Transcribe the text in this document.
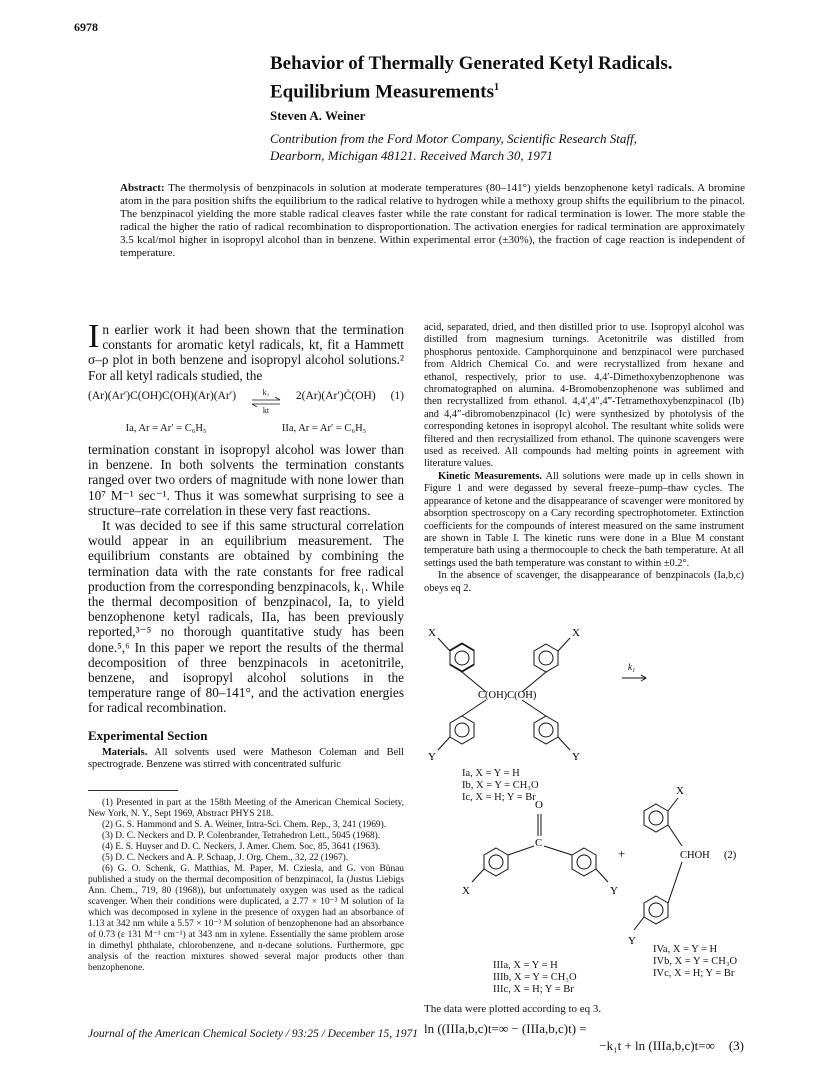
6978
Behavior of Thermally Generated Ketyl Radicals.
Equilibrium Measurements$^1$
Steven A. Weiner
Contribution from the Ford Motor Company, Scientific Research Staff,
Dearborn, Michigan 48121. Received March 30, 1971
Abstract: The thermolysis of benzpinacols in solution at moderate temperatures (80–141°) yields benzophenone ketyl radicals. A bromine atom in the para position shifts the equilibrium to the radical relative to hydrogen while a methoxy group shifts the equilibrium to the pinacol. The benzpinacol yielding the more stable radical cleaves faster while the rate constant for radical termination is lower. The more stable the radical the higher the ratio of radical recombination to disproportionation. The activation energies for radical termination are approximately 3.5 kcal/mol higher in isopropyl alcohol than in benzene. Within experimental error (±30%), the fraction of cage reaction is independent of temperature.

In earlier work it had been shown that the termination constants for aromatic ketyl radicals, kt, fit a Hammett σ–ρ plot in both benzene and isopropyl alcohol solutions.² For all ketyl radicals studied, the

(Ar)(Ar′)C(OH)C(OH)(Ar)(Ar′)	k₁
kt
2(Ar)(Ar′)Ċ(OH) (1)
Ia, Ar = Ar′ = C₆H₅	IIa, Ar = Ar′ = C₆H₅

termination constant in isopropyl alcohol was lower than in benzene. In both solvents the termination constants ranged over two orders of magnitude with none lower than 10⁷ M⁻¹ sec⁻¹. Thus it was somewhat surprising to see a structure–rate correlation in these very fast reactions.

It was decided to see if this same structural correlation would appear in an equilibrium measurement. The equilibrium constants are obtained by combining the termination data with the rate constants for free radical production from the corresponding benzpinacols, k₁. While the thermal decomposition of benzpinacol, Ia, to yield benzophenone ketyl radicals, IIa, has been previously reported,³⁻⁵ no thorough quantitative study has been done.⁵,⁶ In this paper we report the results of the thermal decomposition of three benzpinacols in acetonitrile, benzene, and isopropyl alcohol solutions in the temperature range of 80–141°, and the activation energies for radical recombination.

Experimental Section

Materials. All solvents used were Matheson Coleman and Bell spectrograde. Benzene was stirred with concentrated sulfuric

(1) Presented in part at the 158th Meeting of the American Chemical Society, New York, N. Y., Sept 1969, Abstract PHYS 218.

(2) G. S. Hammond and S. A. Weiner, Intra-Sci. Chem. Rep., 3, 241 (1969).

(3) D. C. Neckers and D. P. Colenbrander, Tetrahedron Lett., 5045 (1968).

(4) E. S. Huyser and D. C. Neckers, J. Amer. Chem. Soc, 85, 3641 (1963).

(5) D. C. Neckers and A. P. Schaap, J. Org. Chem., 32, 22 (1967).

(6) G. O. Schenk, G. Matthias, M. Paper, M. Cziesla, and G. von Bünau published a study on the thermal decomposition of benzpinacol, Ia (Justus Liebigs Ann. Chem., 719, 80 (1968)), but unfortunately oxygen was used as the radical scavenger. When their conditions were duplicated, a 2.77 × 10⁻³ M solution of Ia which was decomposed in xylene in the presence of oxygen had an absorbance of 1.13 at 342 nm while a 5.57 × 10⁻³ M solution of benzophenone had an absorbance of 0.73 (ε 131 M⁻¹ cm⁻¹) at 343 nm in xylene. Essentially the same problem arose in dimethyl phthalate, chlorobenzene, and n-decane solutions. Furthermore, gpc analysis of the reaction mixtures showed several major products other than benzophenone.

acid, separated, dried, and then distilled prior to use. Isopropyl alcohol was distilled from magnesium turnings. Acetonitrile was distilled from phosphorus pentoxide. Camphorquinone and benzpinacol were purchased from Aldrich Chemical Co. and were recrystallized from hexane and ethanol, respectively, prior to use. 4,4′-Dimethoxybenzophenone was chromatographed on alumina. 4-Bromobenzophenone was sublimed and then recrystallized from ethanol. 4,4′,4″,4‴-Tetramethoxybenzpinacol (Ib) and 4,4″-dibromobenzpinacol (Ic) were synthesized by photolysis of the corresponding ketones in isopropyl alcohol. The resultant white solids were filtered and then recrystallized from ethanol. The quinone scavengers were used as received. All compounds had melting points in agreement with literature values.

Kinetic Measurements. All solutions were made up in cells shown in Figure 1 and were degassed by several freeze–pump–thaw cycles. The appearance of ketone and the disappearance of scavenger were monitored by absorption spectroscopy on a Cary recording spectrophotometer. Extinction coefficients for the compounds of interest measured on the same instrument are shown in Table I. The kinetic runs were done in a Blue M constant temperature bath using a thermocouple to check the bath temperature. At all settings used the bath temperature was constant to within ±0.2°.

In the absence of scavenger, the disappearance of benzpinacols (Ia,b,c) obeys eq 2.

X	X
C(OH)C(OH)
Y	Y
k₁
Ia, X = Y = H
Ib, X = Y = CH₃O
Ic, X = H; Y = Br
O
C
X	Y
+
X
CHOH (2)
Y
IIIa, X = Y = H
IIIb, X = Y = CH₃O
IIIc, X = H; Y = Br
IVa, X = Y = H
IVb, X = Y = CH₃O
IVc, X = H; Y = Br
The data were plotted according to eq 3.
ln ((IIIa,b,c)t=∞ − (IIIa,b,c)t) =
−k₁t + ln (IIIa,b,c)t=∞ (3)
Journal of the American Chemical Society / 93:25 / December 15, 1971
